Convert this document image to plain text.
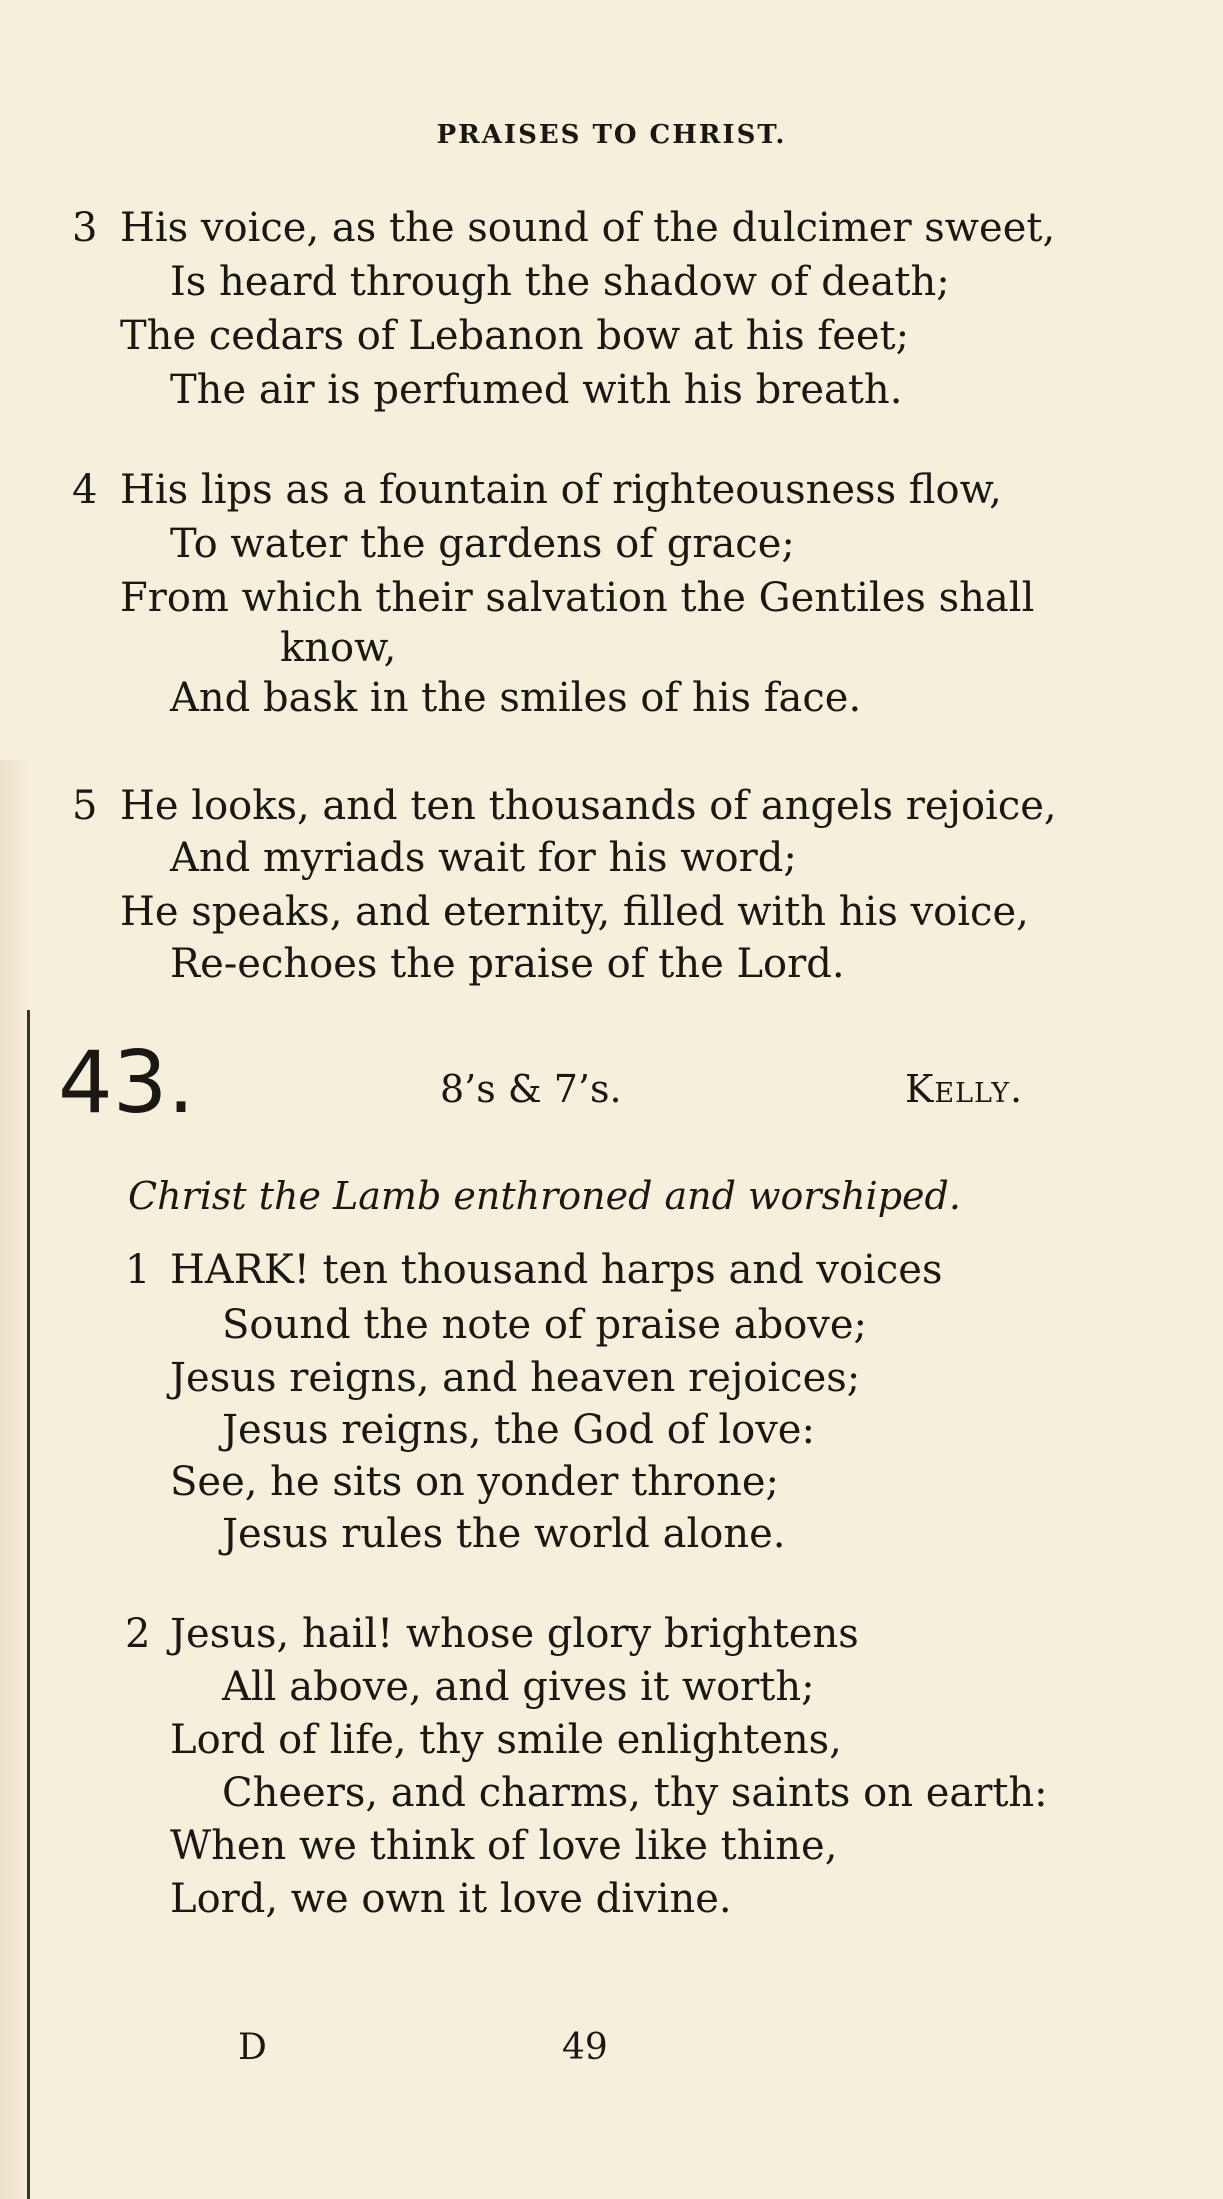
PRAISES TO CHRIST.
3 His voice, as the sound of the dulcimer sweet,
Is heard through the shadow of death;
The cedars of Lebanon bow at his feet;
The air is perfumed with his breath.
4 His lips as a fountain of righteousness flow,
To water the gardens of grace;
From which their salvation the Gentiles shall
know,
And bask in the smiles of his face.
5 He looks, and ten thousands of angels rejoice,
And myriads wait for his word;
He speaks, and eternity, filled with his voice,
Re-echoes the praise of the Lord.
43.	8’s & 7’s.	Kelly.
Christ the Lamb enthroned and worshiped.
1 HARK! ten thousand harps and voices
Sound the note of praise above;
Jesus reigns, and heaven rejoices;
Jesus reigns, the God of love:
See, he sits on yonder throne;
Jesus rules the world alone.
2 Jesus, hail! whose glory brightens
All above, and gives it worth;
Lord of life, thy smile enlightens,
Cheers, and charms, thy saints on earth:
When we think of love like thine,
Lord, we own it love divine.
D	49
